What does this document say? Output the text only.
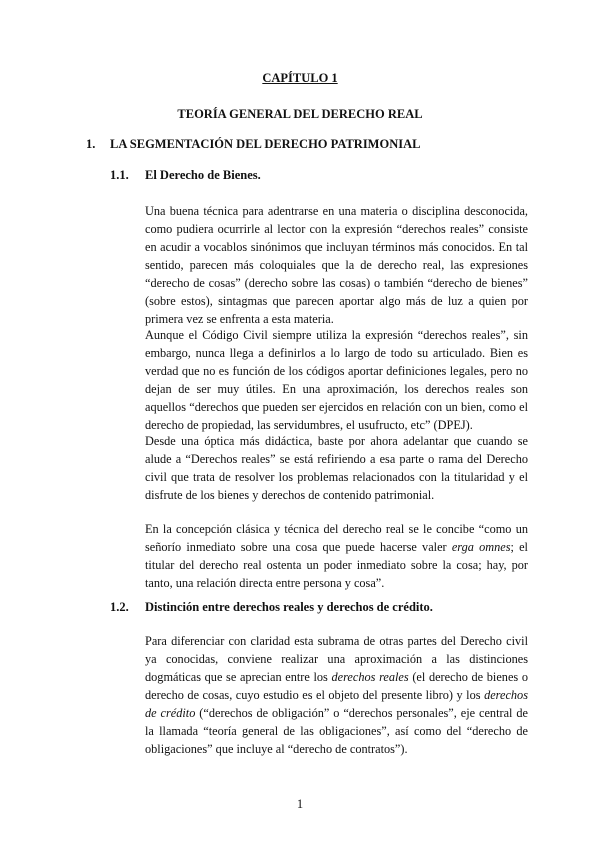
CAPÍTULO 1
TEORÍA GENERAL DEL DERECHO REAL
1. LA SEGMENTACIÓN DEL DERECHO PATRIMONIAL
1.1. El Derecho de Bienes.

Una buena técnica para adentrarse en una materia o disciplina desconocida, como pudiera ocurrirle al lector con la expresión “derechos reales” consiste en acudir a vocablos sinónimos que incluyan términos más conocidos. En tal sentido, parecen más coloquiales que la de derecho real, las expresiones “derecho de cosas” (derecho sobre las cosas) o también “derecho de bienes” (sobre estos), sintagmas que parecen aportar algo más de luz a quien por primera vez se enfrenta a esta materia.

Aunque el Código Civil siempre utiliza la expresión “derechos reales”, sin embargo, nunca llega a definirlos a lo largo de todo su articulado. Bien es verdad que no es función de los códigos aportar definiciones legales, pero no dejan de ser muy útiles. En una aproximación, los derechos reales son aquellos “derechos que pueden ser ejercidos en relación con un bien, como el derecho de propiedad, las servidumbres, el usufructo, etc” (DPEJ).

Desde una óptica más didáctica, baste por ahora adelantar que cuando se alude a “Derechos reales” se está refiriendo a esa parte o rama del Derecho civil que trata de resolver los problemas relacionados con la titularidad y el disfrute de los bienes y derechos de contenido patrimonial.

En la concepción clásica y técnica del derecho real se le concibe “como un señorío inmediato sobre una cosa que puede hacerse valer erga omnes; el titular del derecho real ostenta un poder inmediato sobre la cosa; hay, por tanto, una relación directa entre persona y cosa”.

1.2. Distinción entre derechos reales y derechos de crédito.

Para diferenciar con claridad esta subrama de otras partes del Derecho civil ya conocidas, conviene realizar una aproximación a las distinciones dogmáticas que se aprecian entre los derechos reales (el derecho de bienes o derecho de cosas, cuyo estudio es el objeto del presente libro) y los derechos de crédito (“derechos de obligación” o “derechos personales”, eje central de la llamada “teoría general de las obligaciones”, así como del “derecho de obligaciones” que incluye al “derecho de contratos”).

1
